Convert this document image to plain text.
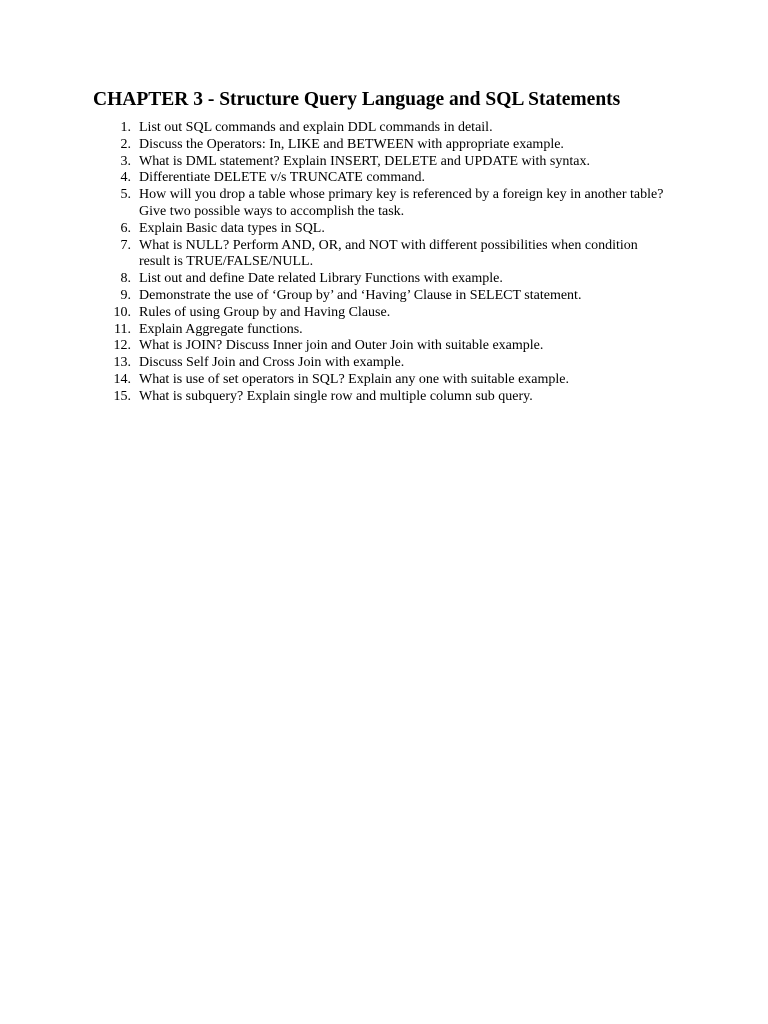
CHAPTER 3 - Structure Query Language and SQL Statements
1. List out SQL commands and explain DDL commands in detail.
2. Discuss the Operators: In, LIKE and BETWEEN with appropriate example.
3. What is DML statement? Explain INSERT, DELETE and UPDATE with syntax.
4. Differentiate DELETE v/s TRUNCATE command.
5. How will you drop a table whose primary key is referenced by a foreign key in another table? Give two possible ways to accomplish the task.
6. Explain Basic data types in SQL.
7. What is NULL? Perform AND, OR, and NOT with different possibilities when condition result is TRUE/FALSE/NULL.
8. List out and define Date related Library Functions with example.
9. Demonstrate the use of ‘Group by’ and ‘Having’ Clause in SELECT statement.
10. Rules of using Group by and Having Clause.
11. Explain Aggregate functions.
12. What is JOIN? Discuss Inner join and Outer Join with suitable example.
13. Discuss Self Join and Cross Join with example.
14. What is use of set operators in SQL? Explain any one with suitable example.
15. What is subquery? Explain single row and multiple column sub query.
